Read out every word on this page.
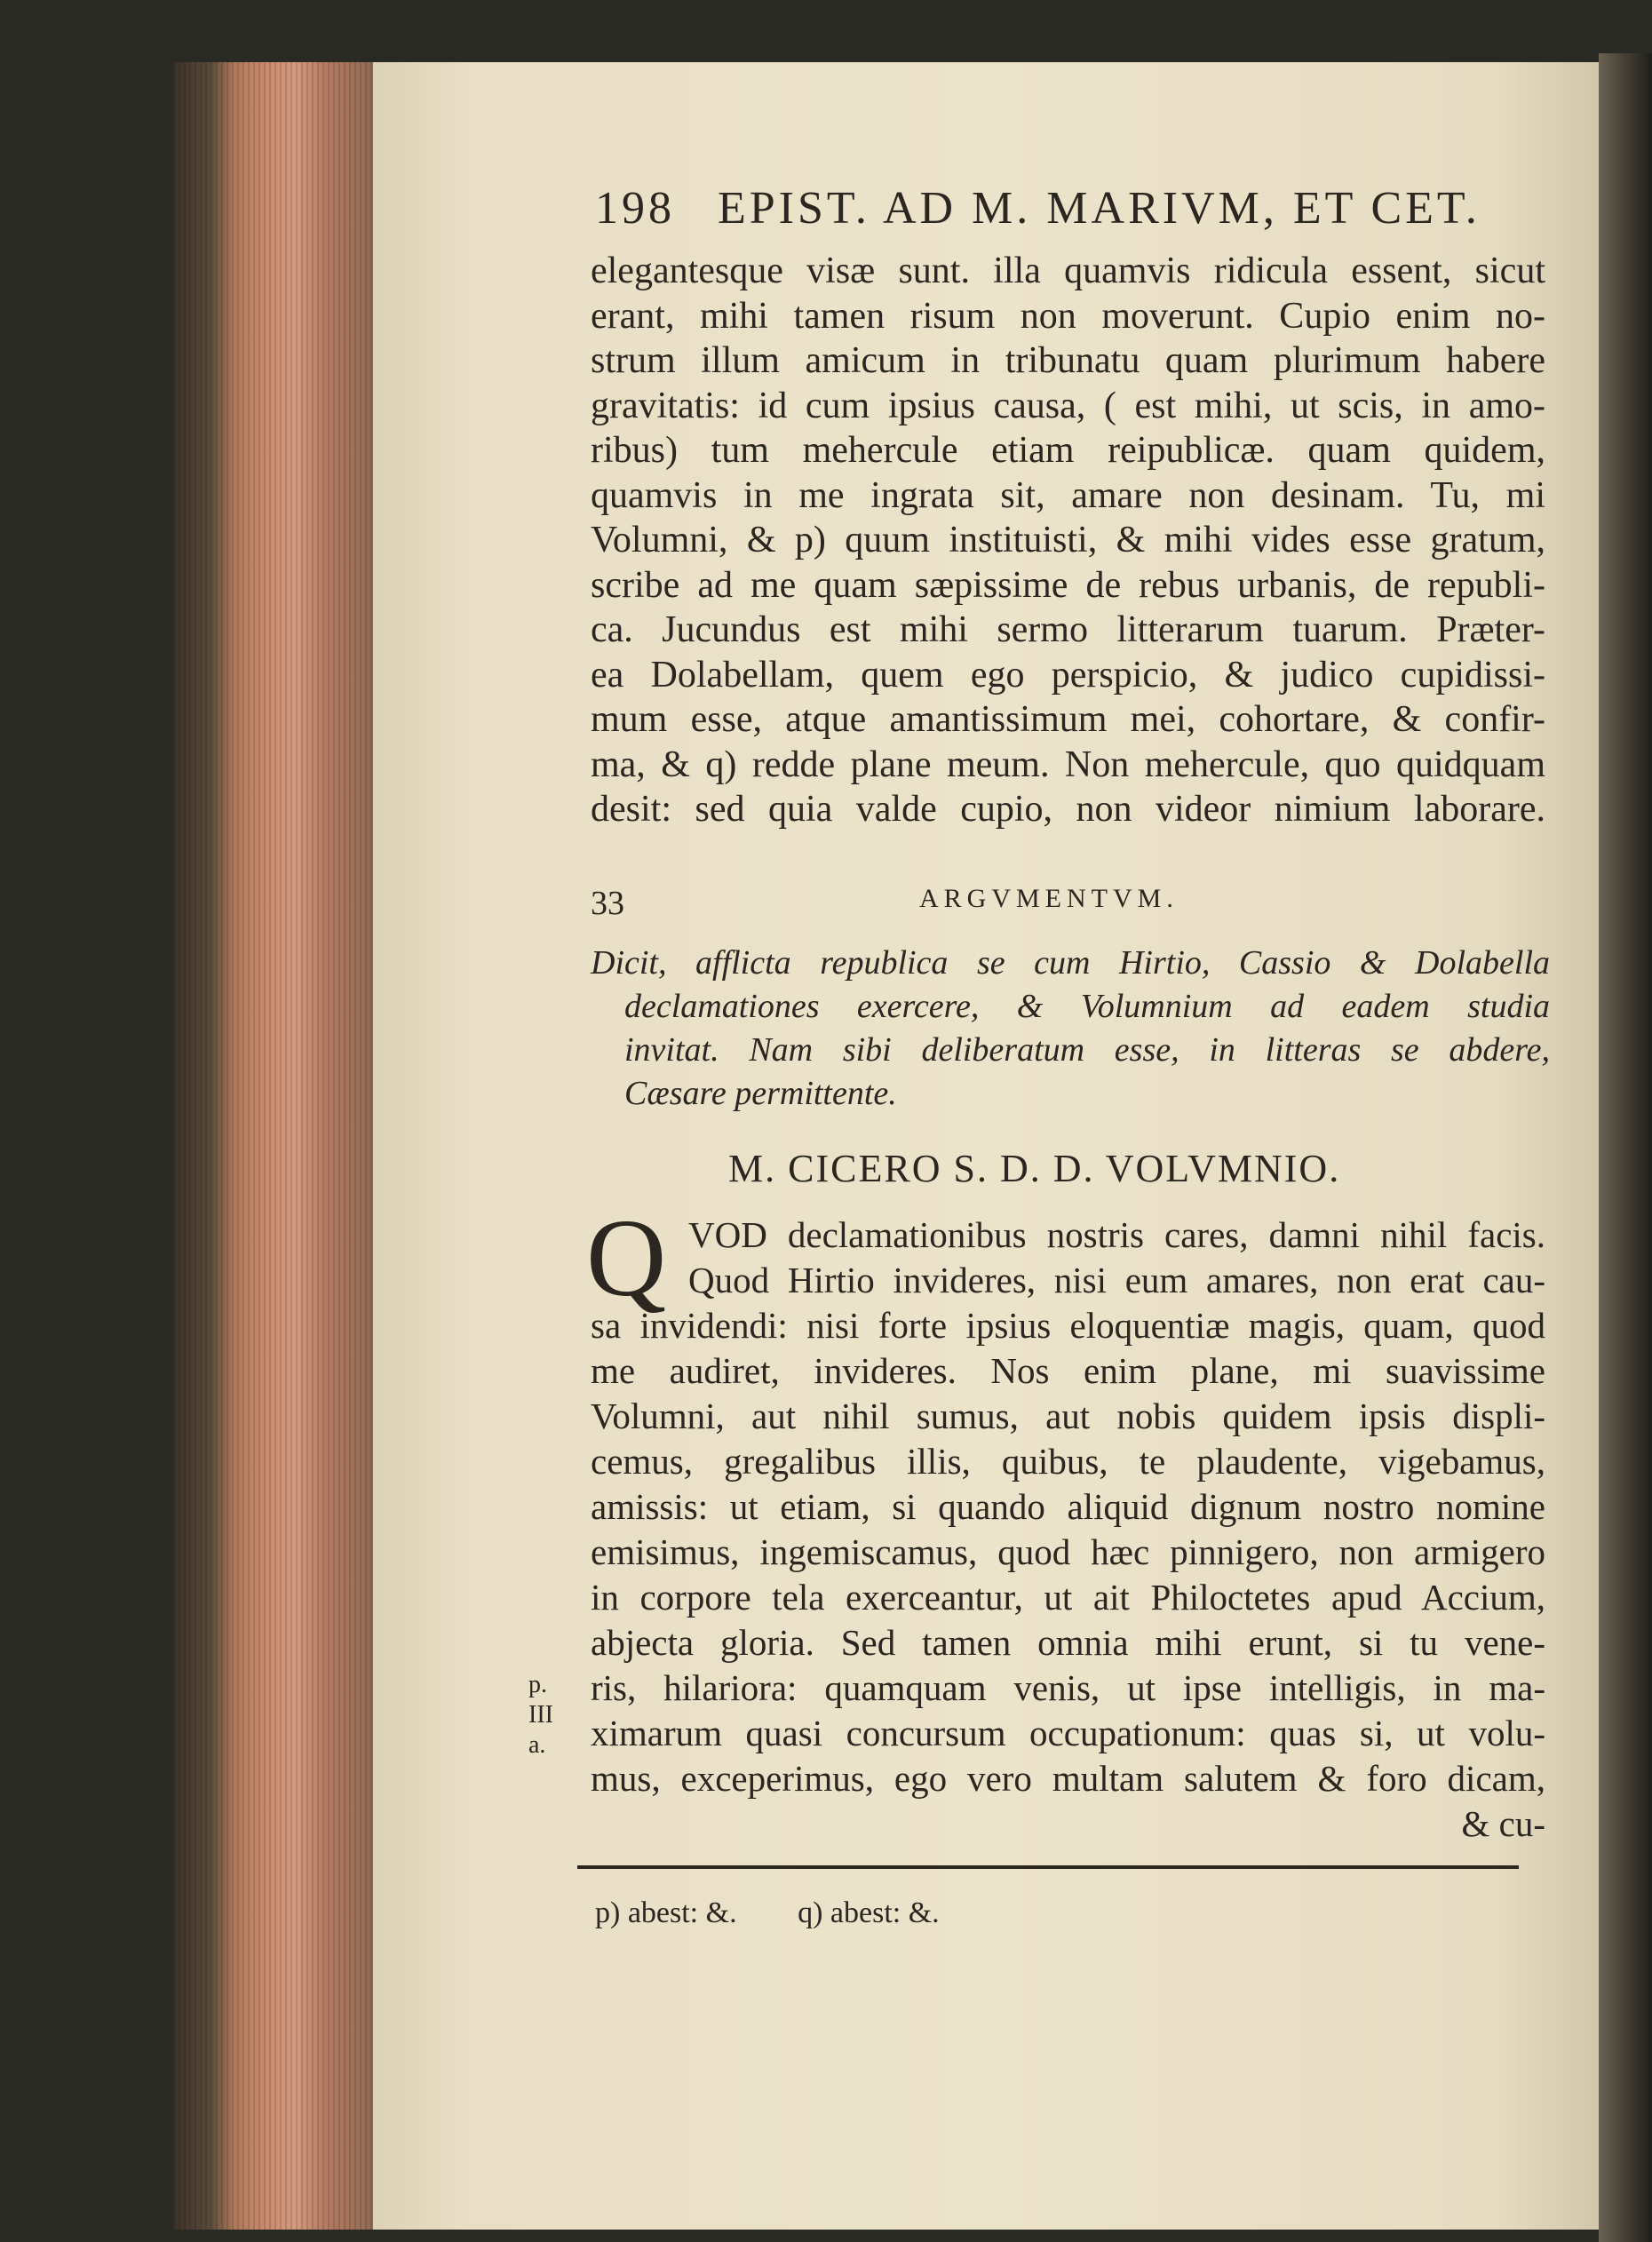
198 EPIST. AD M. MARIVM, ET CET.
elegantesque visæ sunt. illa quamvis ridicula essent, sicut
erant, mihi tamen risum non moverunt. Cupio enim no-
strum illum amicum in tribunatu quam plurimum habere
gravitatis: id cum ipsius causa, ( est mihi, ut scis, in amo-
ribus) tum mehercule etiam reipublicæ. quam quidem,
quamvis in me ingrata sit, amare non desinam. Tu, mi
Volumni, & p) quum instituisti, & mihi vides esse gratum,
scribe ad me quam sæpissime de rebus urbanis, de republi-
ca. Jucundus est mihi sermo litterarum tuarum. Præter-
ea Dolabellam, quem ego perspicio, & judico cupidissi-
mum esse, atque amantissimum mei, cohortare, & confir-
ma, & q) redde plane meum. Non mehercule, quo quidquam
desit: sed quia valde cupio, non videor nimium laborare.
33	ARGVMENTVM.
Dicit, afflicta republica se cum Hirtio, Cassio & Dolabella
declamationes exercere, & Volumnium ad eadem studia
invitat. Nam sibi deliberatum esse, in litteras se abdere,
Cæsare permittente.
M. CICERO S. D. D. VOLVMNIO.
Q VOD declamationibus nostris cares, damni nihil facis.
Quod Hirtio invideres, nisi eum amares, non erat cau-
sa invidendi: nisi forte ipsius eloquentiæ magis, quam, quod
me audiret, invideres. Nos enim plane, mi suavissime
Volumni, aut nihil sumus, aut nobis quidem ipsis displi-
cemus, gregalibus illis, quibus, te plaudente, vigebamus,
amissis: ut etiam, si quando aliquid dignum nostro nomine
emisimus, ingemiscamus, quod hæc pinnigero, non armigero
in corpore tela exerceantur, ut ait Philoctetes apud Accium,
abjecta gloria. Sed tamen omnia mihi erunt, si tu vene-
ris, hilariora: quamquam venis, ut ipse intelligis, in ma-
ximarum quasi concursum occupationum: quas si, ut volu-
mus, exceperimus, ego vero multam salutem & foro dicam,
& cu-
p.
III
a.
p) abest: &. q) abest: &.
